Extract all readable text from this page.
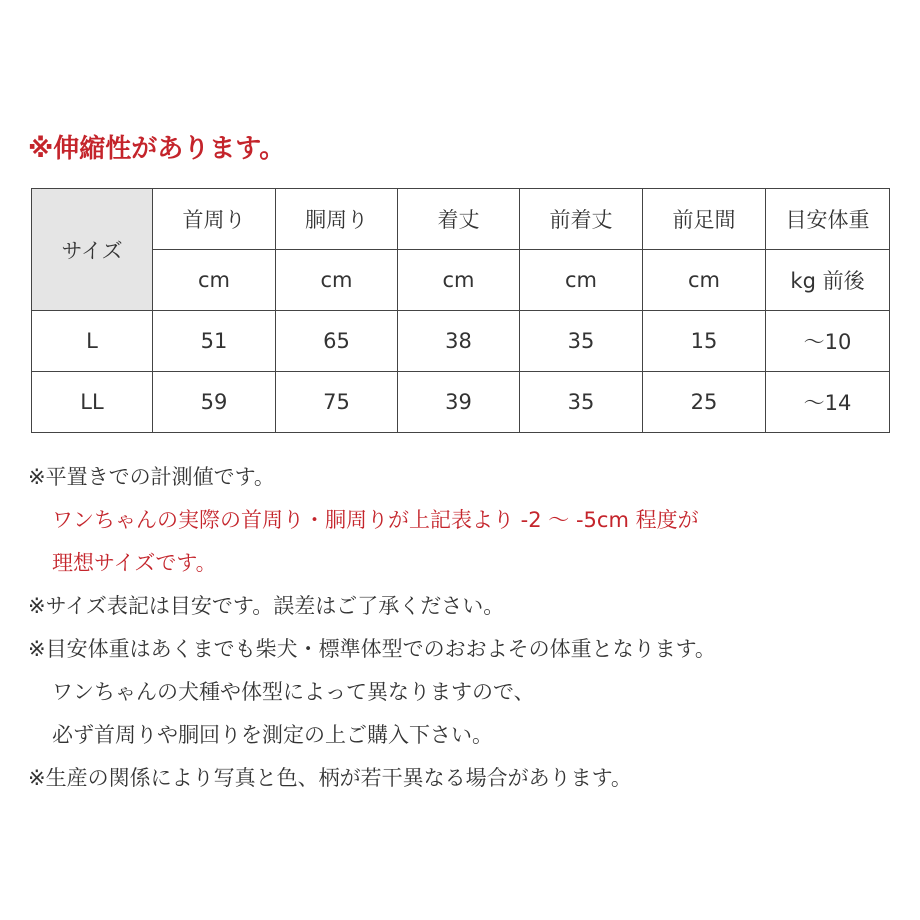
※伸縮性があります。
サイズ	首周り	胴周り	着丈	前着丈	前足間	目安体重
	cm	cm	cm	cm	cm	kg 前後
L	51	65	38	35	15	～10
LL	59	75	39	35	25	～14
※平置きでの計測値です。
ワンちゃんの実際の首周り・胴周りが上記表より -2 ～ -5cm 程度が
理想サイズです。
※サイズ表記は目安です。誤差はご了承ください。
※目安体重はあくまでも柴犬・標準体型でのおおよその体重となります。
ワンちゃんの犬種や体型によって異なりますので、
必ず首周りや胴回りを測定の上ご購入下さい。
※生産の関係により写真と色、柄が若干異なる場合があります。
